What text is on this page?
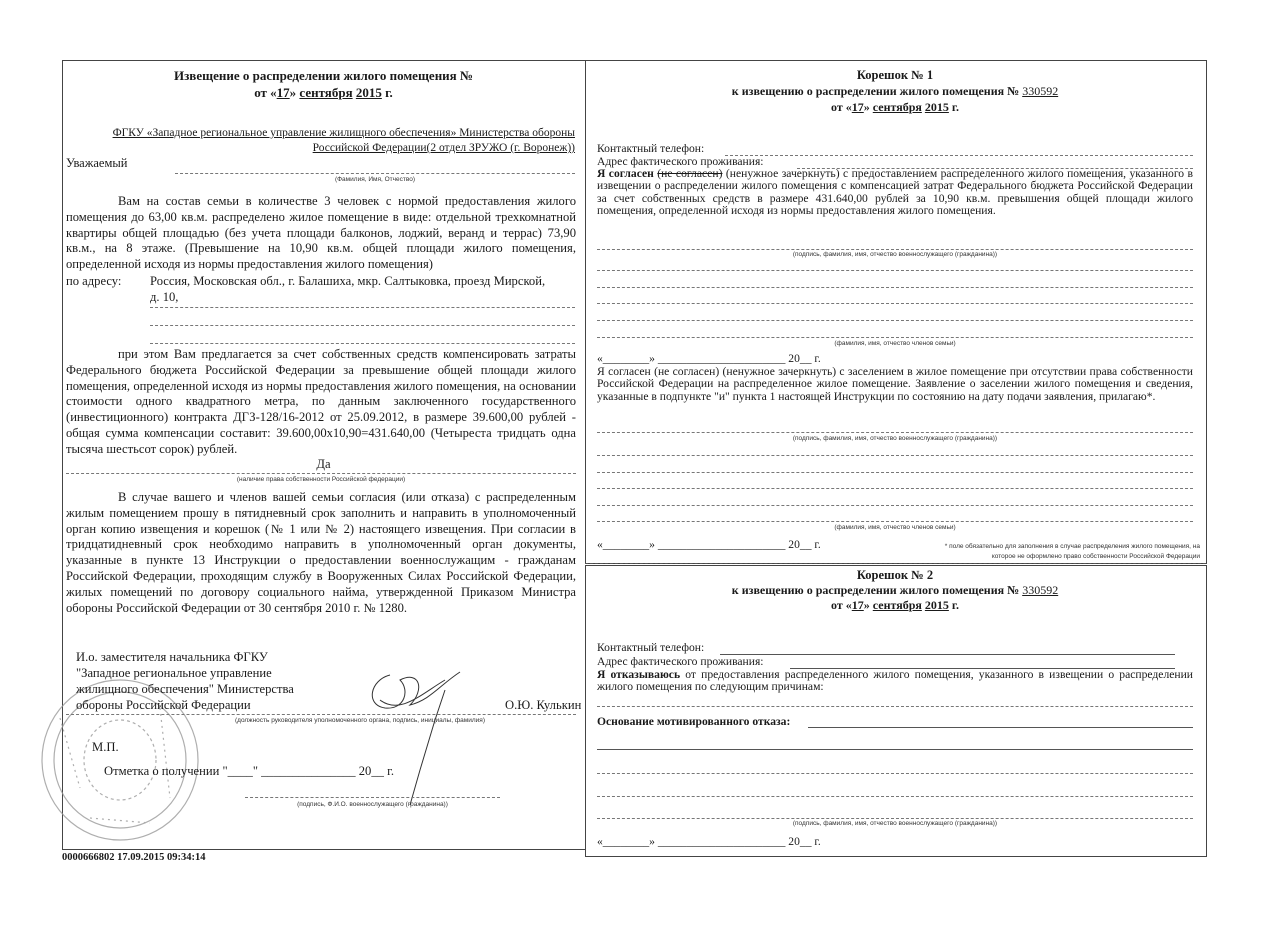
Извещение о распределении жилого помещения №
от «17» сентября 2015 г.
ФГКУ «Западное региональное управление жилищного обеспечения» Министерства обороны
Российской Федерации(2 отдел ЗРУЖО (г. Воронеж))
Уважаемый
(Фамилия, Имя, Отчество)
Вам на состав семьи в количестве 3 человек с нормой предоставления жилого помещения до 63,00 кв.м. распределено жилое помещение в виде: отдельной трехкомнатной квартиры общей площадью (без учета площади балконов, лоджий, веранд и террас) 73,90 кв.м., на 8 этаже. (Превышение на 10,90 кв.м. общей площади жилого помещения, определенной исходя из нормы предоставления жилого помещения)
по адресу: Россия, Московская обл., г. Балашиха, мкр. Салтыковка, проезд Мирской,
д. 10,
при этом Вам предлагается за счет собственных средств компенсировать затраты Федерального бюджета Российской Федерации за превышение общей площади жилого помещения, определенной исходя из нормы предоставления жилого помещения, на основании стоимости одного квадратного метра, по данным заключенного государственного (инвестиционного) контракта ДГЗ-128/16-2012 от 25.09.2012, в размере 39.600,00 рублей - общая сумма компенсации составит: 39.600,00х10,90=431.640,00 (Четыреста тридцать одна тысяча шестьсот сорок) рублей.
Да
(наличие права собственности Российской федерации)
В случае вашего и членов вашей семьи согласия (или отказа) с распределенным жилым помещением прошу в пятидневный срок заполнить и направить в уполномоченный орган копию извещения и корешок (№ 1 или № 2) настоящего извещения. При согласии в тридцатидневный срок необходимо направить в уполномоченный орган документы, указанные в пункте 13 Инструкции о предоставлении военнослужащим - гражданам Российской Федерации, проходящим службу в Вооруженных Силах Российской Федерации, жилых помещений по договору социального найма, утвержденной Приказом Министра обороны Российской Федерации от 30 сентября 2010 г. № 1280.
И.о. заместителя начальника ФГКУ
"Западное региональное управление
жилищного обеспечения" Министерства
обороны Российской Федерации	О.Ю. Кулькин
(должность руководителя уполномоченного органа, подпись, инициалы, фамилия)
М.П.
Отметка о получении "____" _______________ 20__ г.
(подпись, Ф.И.О. военнослужащего (гражданина))
0000666802 17.09.2015 09:34:14
Корешок № 1
к извещению о распределении жилого помещения № 330592
от «17» сентября 2015 г.
Контактный телефон:
Адрес фактического проживания:
Я согласен (не согласен) (ненужное зачеркнуть) с предоставлением распределенного жилого помещения, указанного в извещении о распределении жилого помещения с компенсацией затрат Федерального бюджета Российской Федерации за счет собственных средств в размере 431.640,00 рублей за 10,90 кв.м. превышения общей площади жилого помещения, определенной исходя из нормы предоставления жилого помещения.
(подпись, фамилия, имя, отчество военнослужащего (гражданина))
(фамилия, имя, отчество членов семьи)
«________» ______________________ 20__ г.
Я согласен (не согласен) (ненужное зачеркнуть) с заселением в жилое помещение при отсутствии права собственности Российской Федерации на распределенное жилое помещение. Заявление о заселении жилого помещения и сведения, указанные в подпункте "и" пункта 1 настоящей Инструкции по состоянию на дату подачи заявления, прилагаю*.
(подпись, фамилия, имя, отчество военнослужащего (гражданина))
(фамилия, имя, отчество членов семьи)
«________» ______________________ 20__ г.	* поле обязательно для заполнения в случае распределения жилого помещения, на
которое не оформлено право собственности Российской Федерации
Корешок № 2
к извещению о распределении жилого помещения № 330592
от «17» сентября 2015 г.
Контактный телефон:
Адрес фактического проживания:
Я отказываюсь от предоставления распределенного жилого помещения, указанного в извещении о распределении жилого помещения по следующим причинам:
Основание мотивированного отказа:
(подпись, фамилия, имя, отчество военнослужащего (гражданина))
«________» ______________________ 20__ г.
